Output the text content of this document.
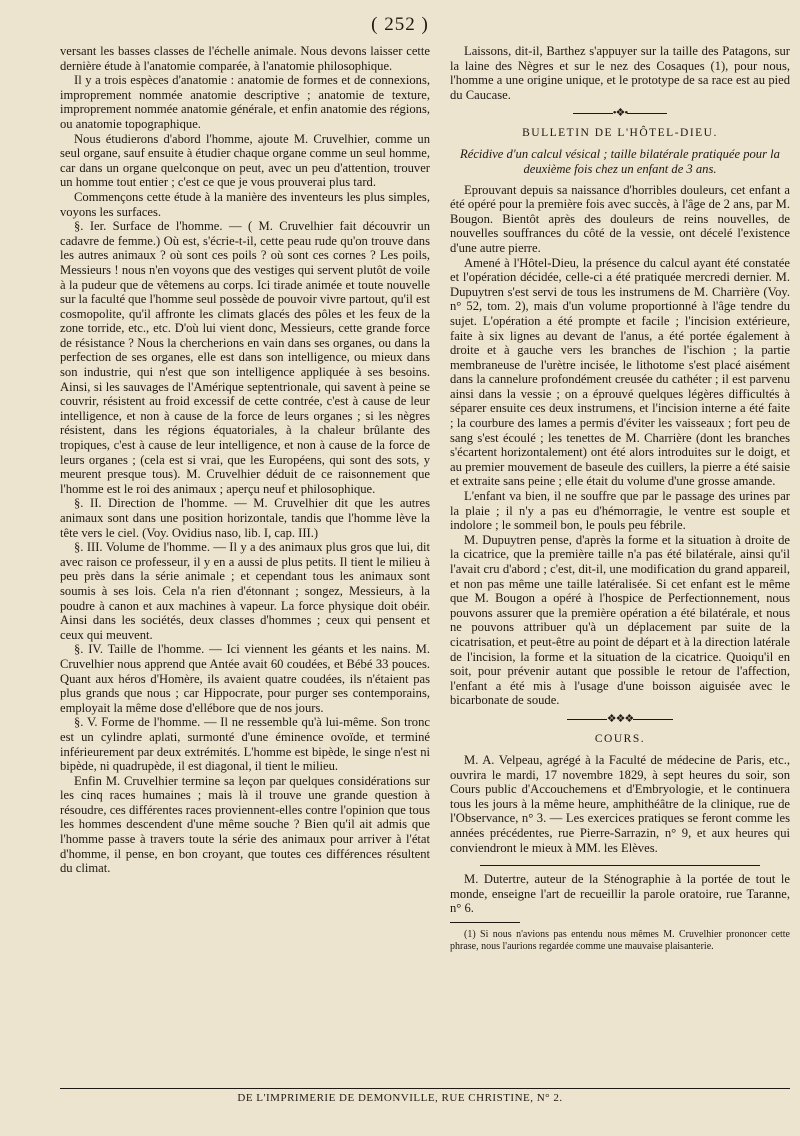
( 252 )

versant les basses classes de l'échelle animale. Nous devons laisser cette dernière étude à l'anatomie comparée, à l'anatomie philosophique.

Il y a trois espèces d'anatomie : anatomie de formes et de connexions, improprement nommée anatomie descriptive ; anatomie de texture, improprement nommée anatomie générale, et enfin anatomie des régions, ou anatomie topographique.

Nous étudierons d'abord l'homme, ajoute M. Cruvelhier, comme un seul organe, sauf ensuite à étudier chaque organe comme un seul homme, car dans un organe quelconque on peut, avec un peu d'attention, trouver un homme tout entier ; c'est ce que je vous prouverai plus tard.

Commençons cette étude à la manière des inventeurs les plus simples, voyons les surfaces.

§. Ier. Surface de l'homme. — ( M. Cruvelhier fait découvrir un cadavre de femme.) Où est, s'écrie-t-il, cette peau rude qu'on trouve dans les autres animaux ? où sont ces poils ? où sont ces cornes ? Les poils, Messieurs ! nous n'en voyons que des vestiges qui servent plutôt de voile à la pudeur que de vêtemens au corps. Ici tirade animée et toute nouvelle sur la faculté que l'homme seul possède de pouvoir vivre partout, qu'il est cosmopolite, qu'il affronte les climats glacés des pôles et les feux de la zone torride, etc., etc. D'où lui vient donc, Messieurs, cette grande force de résistance ? Nous la chercherions en vain dans ses organes, ou dans la perfection de ses organes, elle est dans son intelligence, ou mieux dans son industrie, qui n'est que son intelligence appliquée à ses besoins. Ainsi, si les sauvages de l'Amérique septentrionale, qui savent à peine se couvrir, résistent au froid excessif de cette contrée, c'est à cause de leur intelligence, et non à cause de la force de leurs organes ; si les nègres résistent, dans les régions équatoriales, à la chaleur brûlante des tropiques, c'est à cause de leur intelligence, et non à cause de la force de leurs organes ; (cela est si vrai, que les Européens, qui sont des sots, y meurent presque tous). M. Cruvelhier déduit de ce raisonnement que l'homme est le roi des animaux ; aperçu neuf et philosophique.

§. II. Direction de l'homme. — M. Cruvelhier dit que les autres animaux sont dans une position horizontale, tandis que l'homme lève la tête vers le ciel. (Voy. Ovidius naso, lib. I, cap. III.)

§. III. Volume de l'homme. — Il y a des animaux plus gros que lui, dit avec raison ce professeur, il y en a aussi de plus petits. Il tient le milieu à peu près dans la série animale ; et cependant tous les animaux sont soumis à ses lois. Cela n'a rien d'étonnant ; songez, Messieurs, à la poudre à canon et aux machines à vapeur. La force physique doit obéir. Ainsi dans les sociétés, deux classes d'hommes ; ceux qui pensent et ceux qui meuvent.

§. IV. Taille de l'homme. — Ici viennent les géants et les nains. M. Cruvelhier nous apprend que Antée avait 60 coudées, et Bébé 33 pouces. Quant aux héros d'Homère, ils avaient quatre coudées, ils n'étaient pas plus grands que nous ; car Hippocrate, pour purger ses contemporains, employait la même dose d'ellébore que de nos jours.

§. V. Forme de l'homme. — Il ne ressemble qu'à lui-même. Son tronc est un cylindre aplati, surmonté d'une éminence ovoïde, et terminé inférieurement par deux extrémités. L'homme est bipède, le singe n'est ni bipède, ni quadrupède, il est diagonal, il tient le milieu.

Enfin M. Cruvelhier termine sa leçon par quelques considérations sur les cinq races humaines ; mais là il trouve une grande question à résoudre, ces différentes races proviennent-elles contre l'opinion que tous les hommes descendent d'une même souche ? Bien qu'il ait admis que l'homme passe à travers toute la série des animaux pour arriver à l'état d'homme, il pense, en bon croyant, que toutes ces différences résultent du climat.

Laissons, dit-il, Barthez s'appuyer sur la taille des Patagons, sur la laine des Nègres et sur le nez des Cosaques (1), pour nous, l'homme a une origine unique, et le prototype de sa race est au pied du Caucase.

•❖•
BULLETIN DE L'HÔTEL-DIEU.
Récidive d'un calcul vésical ; taille bilatérale pratiquée pour la deuxième fois chez un enfant de 3 ans.

Eprouvant depuis sa naissance d'horribles douleurs, cet enfant a été opéré pour la première fois avec succès, à l'âge de 2 ans, par M. Bougon. Bientôt après des douleurs de reins nouvelles, de nouvelles souffrances du côté de la vessie, ont décelé l'existence d'une autre pierre.

Amené à l'Hôtel-Dieu, la présence du calcul ayant été constatée et l'opération décidée, celle-ci a été pratiquée mercredi dernier. M. Dupuytren s'est servi de tous les instrumens de M. Charrière (Voy. n° 52, tom. 2), mais d'un volume proportionné à l'âge tendre du sujet. L'opération a été prompte et facile ; l'incision extérieure, faite à six lignes au devant de l'anus, a été portée également à droite et à gauche vers les branches de l'ischion ; la partie membraneuse de l'urètre incisée, le lithotome s'est placé aisément dans la cannelure profondément creusée du cathéter ; il est parvenu ainsi dans la vessie ; on a éprouvé quelques légères difficultés à séparer ensuite ces deux instrumens, et l'incision interne a été faite ; la courbure des lames a permis d'éviter les vaisseaux ; fort peu de sang s'est écoulé ; les tenettes de M. Charrière (dont les branches s'écartent horizontalement) ont été alors introduites sur le doigt, et au premier mouvement de baseule des cuillers, la pierre a été saisie et extraite sans peine ; elle était du volume d'une grosse amande.

L'enfant va bien, il ne souffre que par le passage des urines par la plaie ; il n'y a pas eu d'hémorragie, le ventre est souple et indolore ; le sommeil bon, le pouls peu fébrile.

M. Dupuytren pense, d'après la forme et la situation à droite de la cicatrice, que la première taille n'a pas été bilatérale, ainsi qu'il l'avait cru d'abord ; c'est, dit-il, une modification du grand appareil, et non pas même une taille latéralisée. Si cet enfant est le même que M. Bougon a opéré à l'hospice de Perfectionnement, nous pouvons assurer que la première opération a été bilatérale, et nous ne pouvons attribuer qu'à un déplacement par suite de la cicatrisation, et peut-être au point de départ et à la direction latérale de l'incision, la forme et la situation de la cicatrice. Quoiqu'il en soit, pour prévenir autant que possible le retour de l'affection, l'enfant a été mis à l'usage d'une boisson aiguisée avec le bicarbonate de soude.

❖❖❖
COURS.

M. A. Velpeau, agrégé à la Faculté de médecine de Paris, etc., ouvrira le mardi, 17 novembre 1829, à sept heures du soir, son Cours public d'Accouchemens et d'Embryologie, et le continuera tous les jours à la même heure, amphithéâtre de la clinique, rue de l'Observance, n° 3. — Les exercices pratiques se feront comme les années précédentes, rue Pierre-Sarrazin, n° 9, et aux heures qui conviendront le mieux à MM. les Elèves.

M. Dutertre, auteur de la Sténographie à la portée de tout le monde, enseigne l'art de recueillir la parole oratoire, rue Taranne, n° 6.

(1) Si nous n'avions pas entendu nous mêmes M. Cruvelhier prononcer cette phrase, nous l'aurions regardée comme une mauvaise plaisanterie.

DE L'IMPRIMERIE DE DEMONVILLE, RUE CHRISTINE, N° 2.
